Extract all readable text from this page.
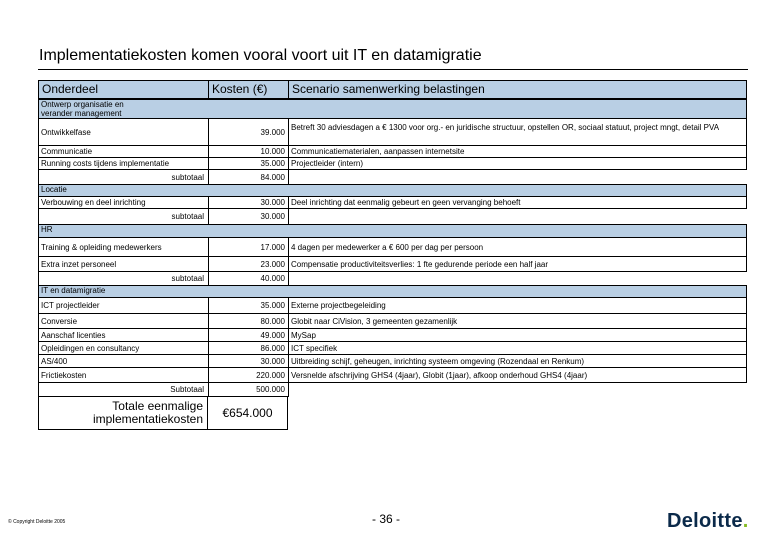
Implementatiekosten komen vooral voort uit IT en datamigratie
Onderdeel	Kosten (€)	Scenario samenwerking belastingen
Ontwerp organisatie en verander management
Ontwikkelfase	39.000 Betreft 30 adviesdagen a € 1300 voor org.- en juridische structuur, opstellen OR, sociaal statuut, project mngt, detail PVA
Communicatie	10.000 Communicatiematerialen, aanpassen internetsite
Running costs tijdens implementatie	35.000 Projectleider (intern)
subtotaal	84.000
Locatie
Verbouwing en deel inrichting	30.000 Deel inrichting dat eenmalig gebeurt en geen vervanging behoeft
subtotaal	30.000
HR
Training & opleiding medewerkers	17.000 4 dagen per medewerker a € 600 per dag per persoon
Extra inzet personeel	23.000 Compensatie productiviteitsverlies: 1 fte gedurende periode een half jaar
subtotaal	40.000
IT en datamigratie
ICT projectleider	35.000 Externe projectbegeleiding
Conversie	80.000 Globit naar CiVision, 3 gemeenten gezamenlijk
Aanschaf licenties	49.000 MySap
Opleidingen en consultancy	86.000 ICT specifiek
AS/400	30.000 Uitbreiding schijf, geheugen, inrichting systeem omgeving (Rozendaal en Renkum)
Frictiekosten	220.000 Versnelde afschrijving GHS4 (4jaar), Globit (1jaar), afkoop onderhoud GHS4 (4jaar)
Subtotaal	500.000
Totale eenmalige implementatiekosten	€654.000
© Copyright Deloitte 2005	- 36 -	Deloitte.
